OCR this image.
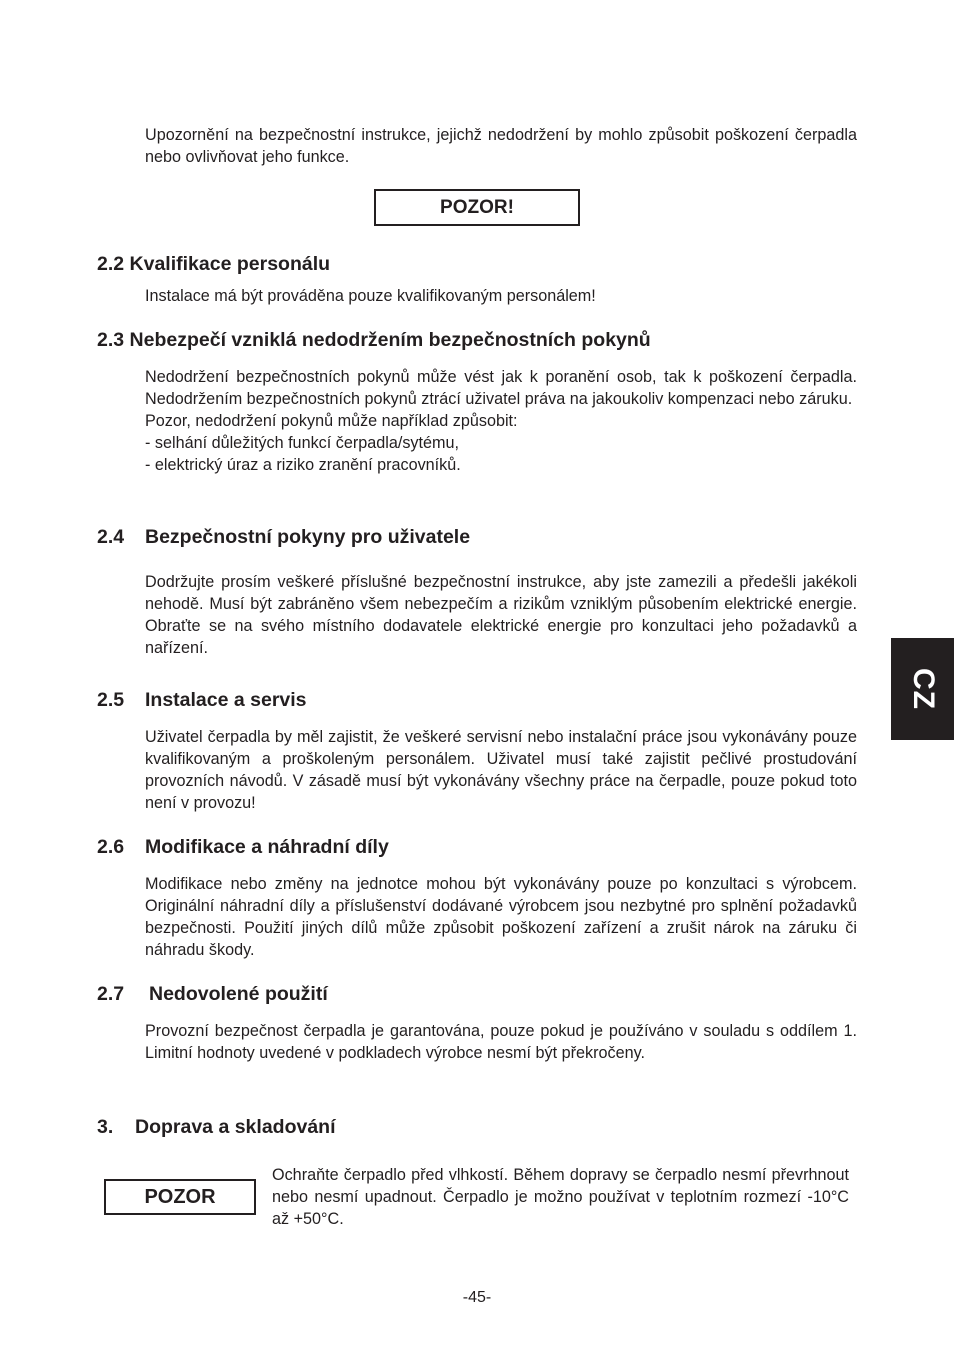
Upozornění na bezpečnostní instrukce, jejichž nedodržení by mohlo způsobit poškození čerpadla nebo ovlivňovat jeho funkce.
POZOR!
2.2 Kvalifikace personálu
Instalace má být prováděna pouze kvalifikovaným personálem!
2.3 Nebezpečí vzniklá nedodržením bezpečnostních pokynů
Nedodržení bezpečnostních pokynů může vést jak k poranění osob, tak k poškození čerpadla. Nedodržením bezpečnostních pokynů ztrácí uživatel práva na jakoukoliv kompenzaci nebo záruku.
Pozor, nedodržení pokynů může například způsobit:
- selhání důležitých funkcí čerpadla/sytému,
- elektrický úraz a riziko zranění pracovníků.
2.4 Bezpečnostní pokyny pro uživatele
Dodržujte prosím veškeré příslušné bezpečnostní instrukce, aby jste zamezili a předešli jakékoli nehodě. Musí být zabráněno všem nebezpečím a rizikům vzniklým působením elektrické energie. Obraťte se na svého místního dodavatele elektrické energie pro konzultaci jeho požadavků a nařízení.
2.5 Instalace a servis
Uživatel čerpadla by měl zajistit, že veškeré servisní nebo instalační práce jsou vykonávány pouze kvalifikovaným a proškoleným personálem. Uživatel musí také zajistit pečlivé prostudování provozních návodů. V zásadě musí být vykonávány všechny práce na čerpadle, pouze pokud toto není v provozu!
2.6 Modifikace a náhradní díly
Modifikace nebo změny na jednotce mohou být vykonávány pouze po konzultaci s výrobcem. Originální náhradní díly a příslušenství dodávané výrobcem jsou nezbytné pro splnění požadavků bezpečnosti. Použití jiných dílů může způsobit poškození zařízení a zrušit nárok na záruku či náhradu škody.
2.7 Nedovolené použití
Provozní bezpečnost čerpadla je garantována, pouze pokud je používáno v souladu s oddílem 1. Limitní hodnoty uvedené v podkladech výrobce nesmí být překročeny.
3. Doprava a skladování
POZOR
Ochraňte čerpadlo před vlhkostí. Během dopravy se čerpadlo nesmí převrhnout nebo nesmí upadnout. Čerpadlo je možno používat v teplotním rozmezí -10°C až +50°C.
CZ
-45-
